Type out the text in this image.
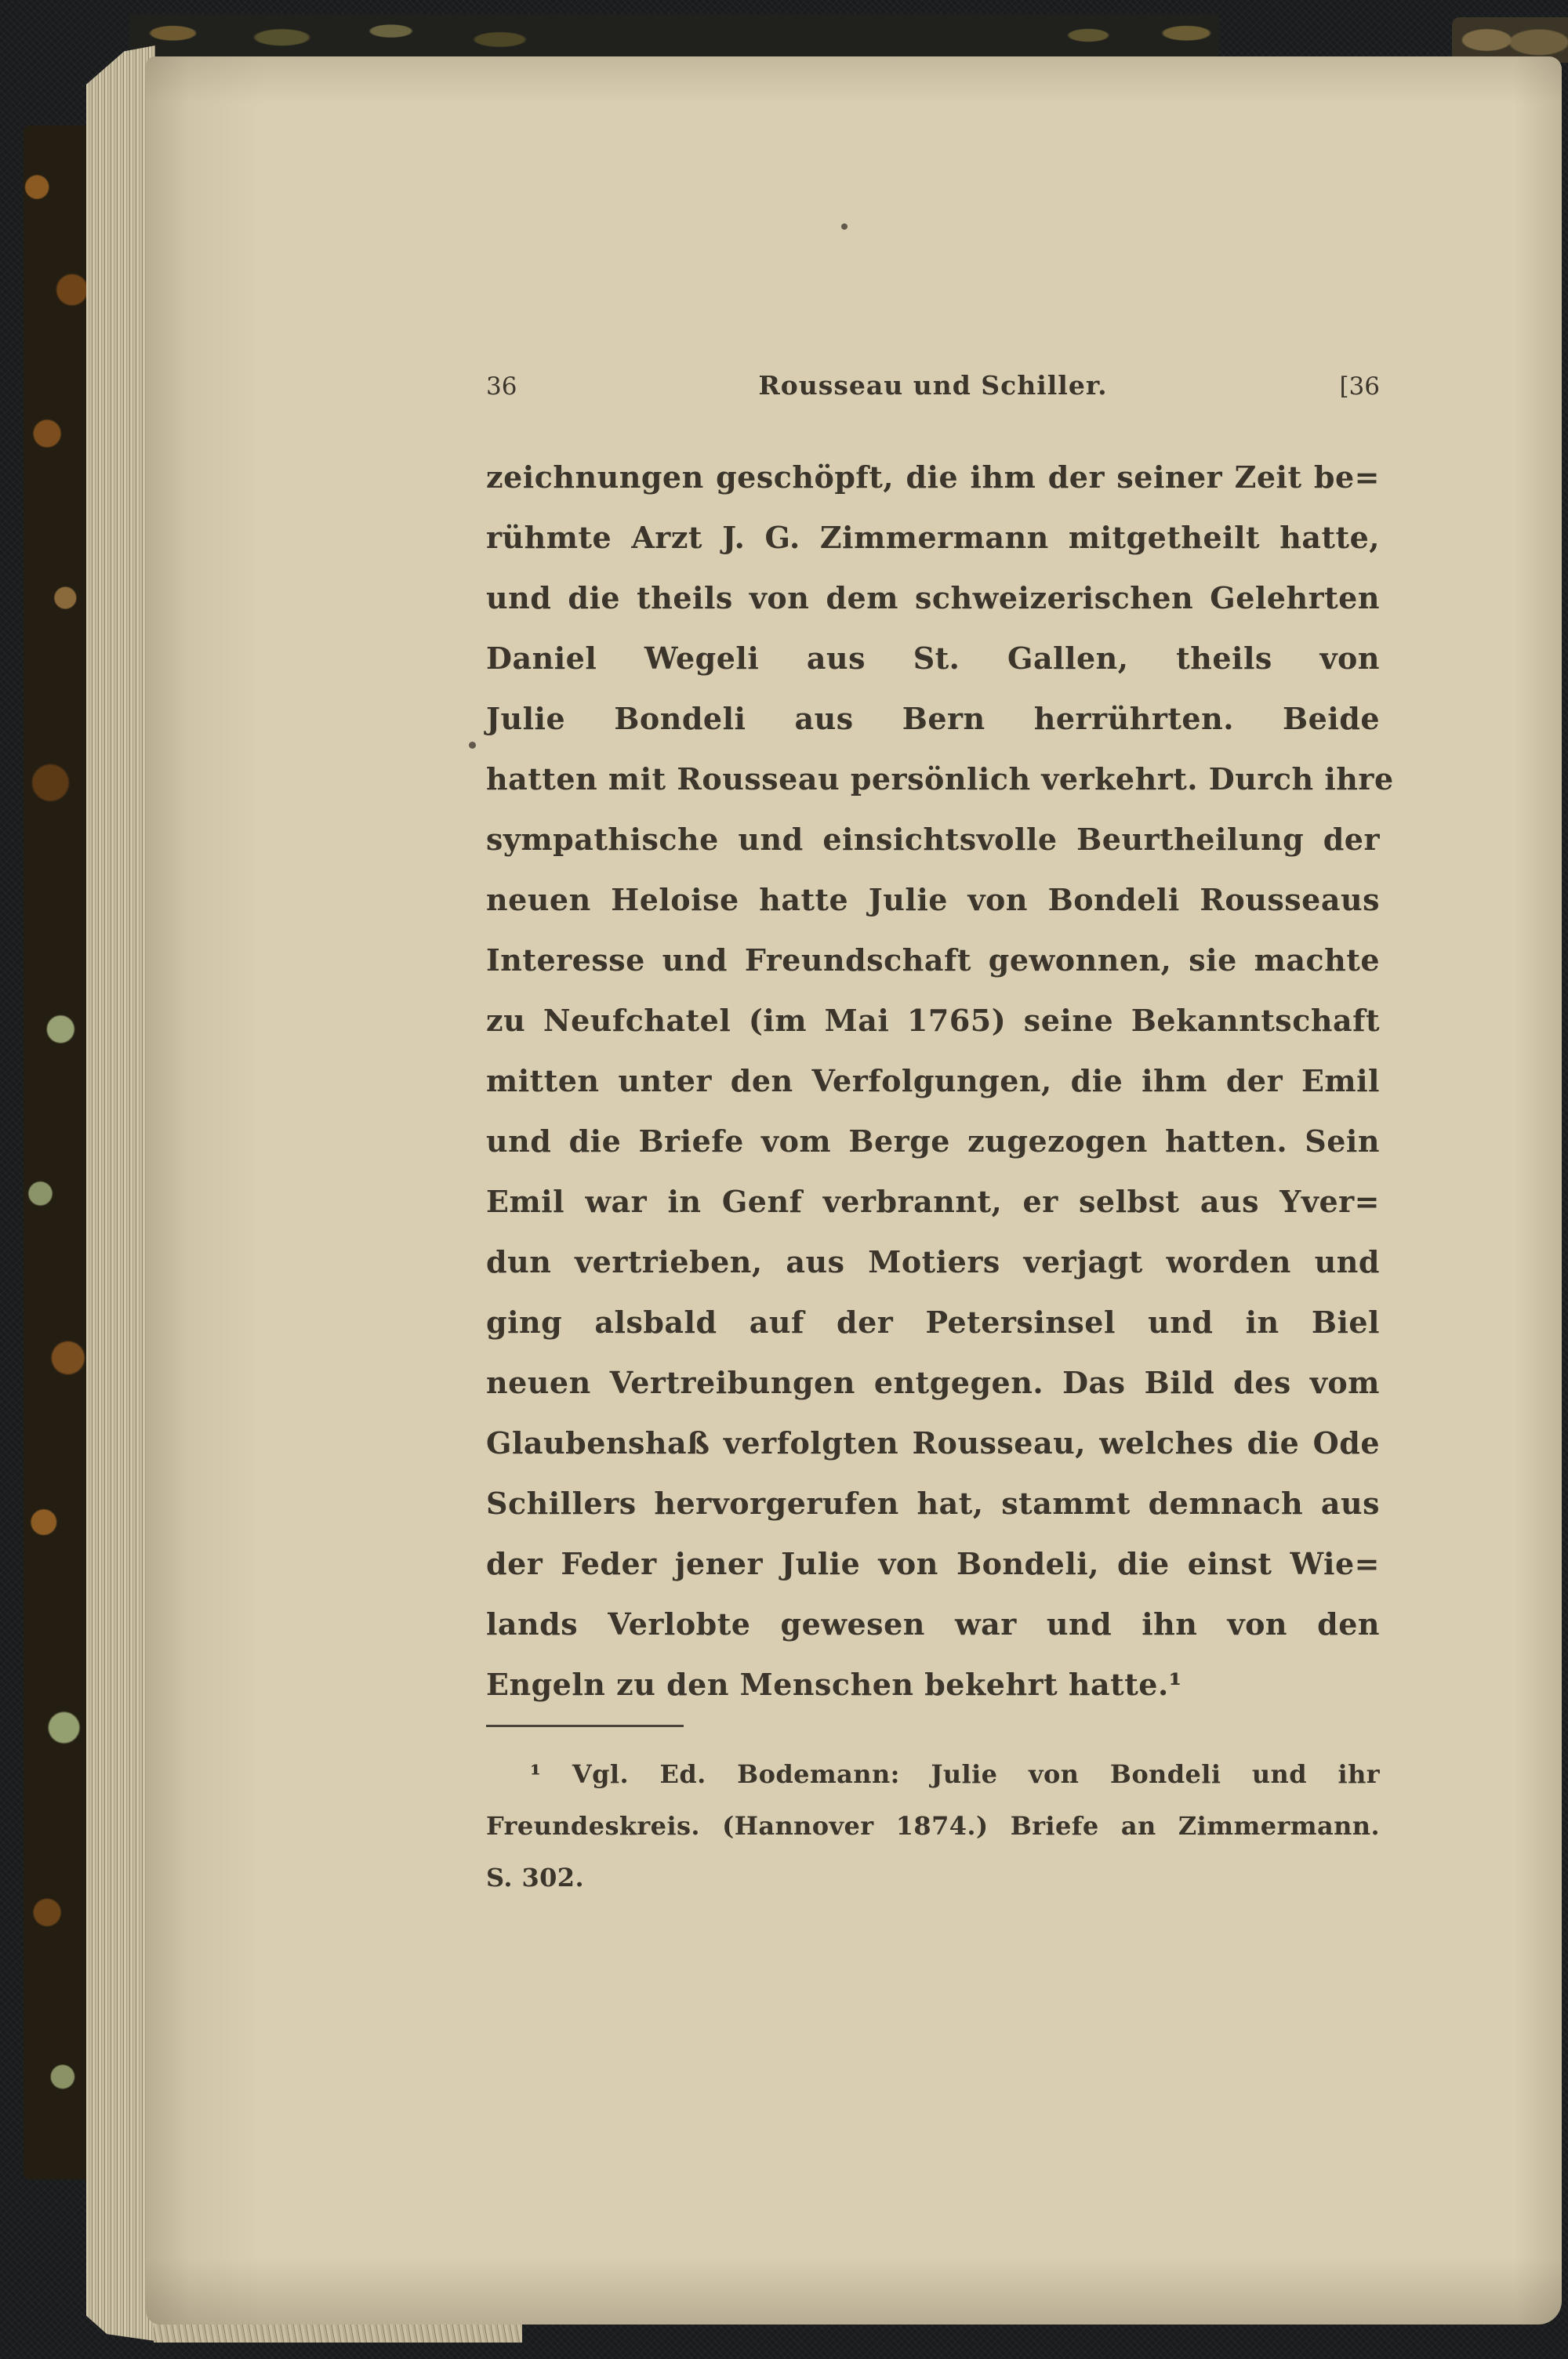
36	Rousseau und Schiller.	[36
zeichnungen geschöpft, die ihm der seiner Zeit be=
rühmte Arzt J. G. Zimmermann mitgetheilt hatte,
und die theils von dem schweizerischen Gelehrten
Daniel Wegeli aus St. Gallen, theils von
Julie Bondeli aus Bern herrührten. Beide
hatten mit Rousseau persönlich verkehrt. Durch ihre
sympathische und einsichtsvolle Beurtheilung der
neuen Heloise hatte Julie von Bondeli Rousseaus
Interesse und Freundschaft gewonnen, sie machte
zu Neufchatel (im Mai 1765) seine Bekanntschaft
mitten unter den Verfolgungen, die ihm der Emil
und die Briefe vom Berge zugezogen hatten. Sein
Emil war in Genf verbrannt, er selbst aus Yver=
dun vertrieben, aus Motiers verjagt worden und
ging alsbald auf der Petersinsel und in Biel
neuen Vertreibungen entgegen. Das Bild des vom
Glaubenshaß verfolgten Rousseau, welches die Ode
Schillers hervorgerufen hat, stammt demnach aus
der Feder jener Julie von Bondeli, die einst Wie=
lands Verlobte gewesen war und ihn von den
Engeln zu den Menschen bekehrt hatte.¹
¹ Vgl. Ed. Bodemann: Julie von Bondeli und ihr
Freundeskreis. (Hannover 1874.) Briefe an Zimmermann.
S. 302.
